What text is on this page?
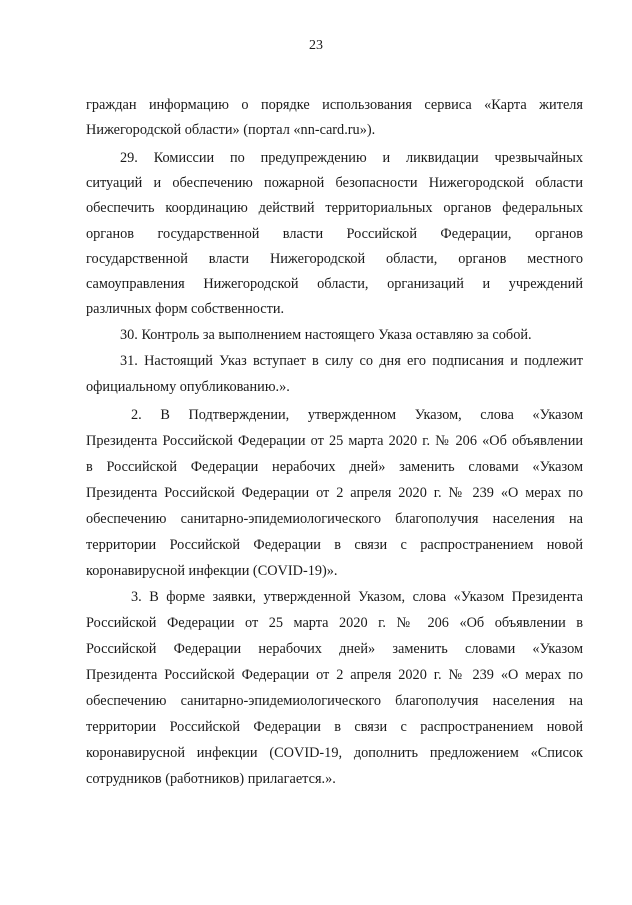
23
граждан информацию о порядке использования сервиса «Карта жителя
Нижегородской области» (портал «nn-card.ru»).
29. Комиссии по предупреждению и ликвидации чрезвычайных
ситуаций и обеспечению пожарной безопасности Нижегородской области
обеспечить координацию действий территориальных органов федеральных
органов государственной власти Российской Федерации, органов
государственной власти Нижегородской области, органов местного
самоуправления Нижегородской области, организаций и учреждений
различных форм собственности.
30. Контроль за выполнением настоящего Указа оставляю за собой.
31. Настоящий Указ вступает в силу со дня его подписания и подлежит
официальному опубликованию.».
2. В Подтверждении, утвержденном Указом, слова «Указом
Президента Российской Федерации от 25 марта 2020 г. № 206 «Об объявлении
в Российской Федерации нерабочих дней» заменить словами «Указом
Президента Российской Федерации от 2 апреля 2020 г. № 239 «О мерах по
обеспечению санитарно-эпидемиологического благополучия населения на
территории Российской Федерации в связи с распространением новой
коронавирусной инфекции (COVID-19)».
3. В форме заявки, утвержденной Указом, слова «Указом Президента
Российской Федерации от 25 марта 2020 г. № 206 «Об объявлении в
Российской Федерации нерабочих дней» заменить словами «Указом
Президента Российской Федерации от 2 апреля 2020 г. № 239 «О мерах по
обеспечению санитарно-эпидемиологического благополучия населения на
территории Российской Федерации в связи с распространением новой
коронавирусной инфекции (COVID-19, дополнить предложением «Список
сотрудников (работников) прилагается.».
